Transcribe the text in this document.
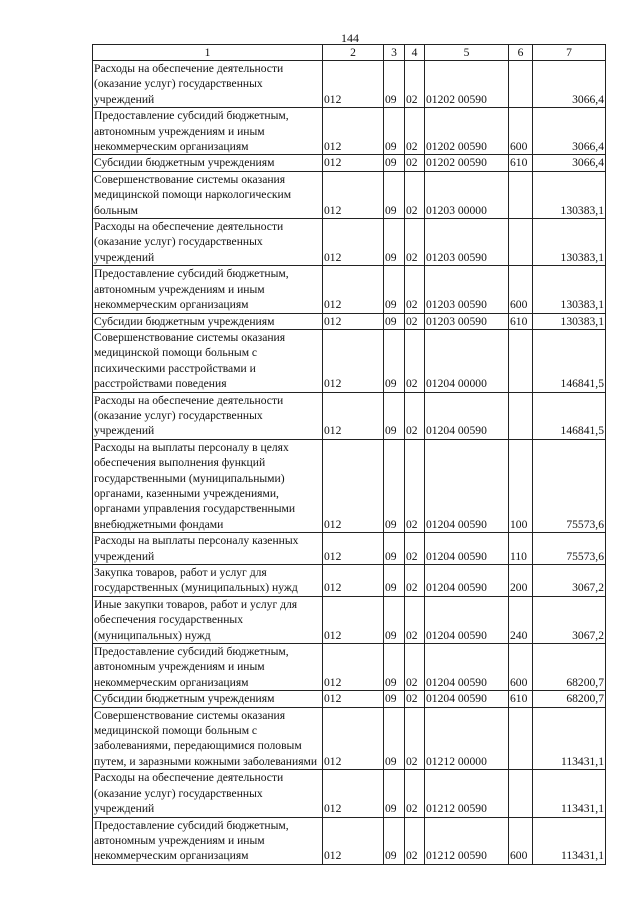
144
1	2	3	4	5	6	7
Расходы на обеспечение деятельности (оказание услуг) государственных учреждений	012	09	02	01202 00590		3066,4
Предоставление субсидий бюджетным, автономным учреждениям и иным некоммерческим организациям	012	09	02	01202 00590	600	3066,4
Субсидии бюджетным учреждениям	012	09	02	01202 00590	610	3066,4
Совершенствование системы оказания медицинской помощи наркологическим больным	012	09	02	01203 00000		130383,1
Расходы на обеспечение деятельности (оказание услуг) государственных учреждений	012	09	02	01203 00590		130383,1
Предоставление субсидий бюджетным, автономным учреждениям и иным некоммерческим организациям	012	09	02	01203 00590	600	130383,1
Субсидии бюджетным учреждениям	012	09	02	01203 00590	610	130383,1
Совершенствование системы оказания медицинской помощи больным с психическими расстройствами и расстройствами поведения	012	09	02	01204 00000		146841,5
Расходы на обеспечение деятельности (оказание услуг) государственных учреждений	012	09	02	01204 00590		146841,5
Расходы на выплаты персоналу в целях обеспечения выполнения функций государственными (муниципальными) органами, казенными учреждениями, органами управления государственными внебюджетными фондами	012	09	02	01204 00590	100	75573,6
Расходы на выплаты персоналу казенных учреждений	012	09	02	01204 00590	110	75573,6
Закупка товаров, работ и услуг для государственных (муниципальных) нужд	012	09	02	01204 00590	200	3067,2
Иные закупки товаров, работ и услуг для обеспечения государственных (муниципальных) нужд	012	09	02	01204 00590	240	3067,2
Предоставление субсидий бюджетным, автономным учреждениям и иным некоммерческим организациям	012	09	02	01204 00590	600	68200,7
Субсидии бюджетным учреждениям	012	09	02	01204 00590	610	68200,7
Совершенствование системы оказания медицинской помощи больным с заболеваниями, передающимися половым путем, и заразными кожными заболеваниями	012	09	02	01212 00000		113431,1
Расходы на обеспечение деятельности (оказание услуг) государственных учреждений	012	09	02	01212 00590		113431,1
Предоставление субсидий бюджетным, автономным учреждениям и иным некоммерческим организациям	012	09	02	01212 00590	600	113431,1
